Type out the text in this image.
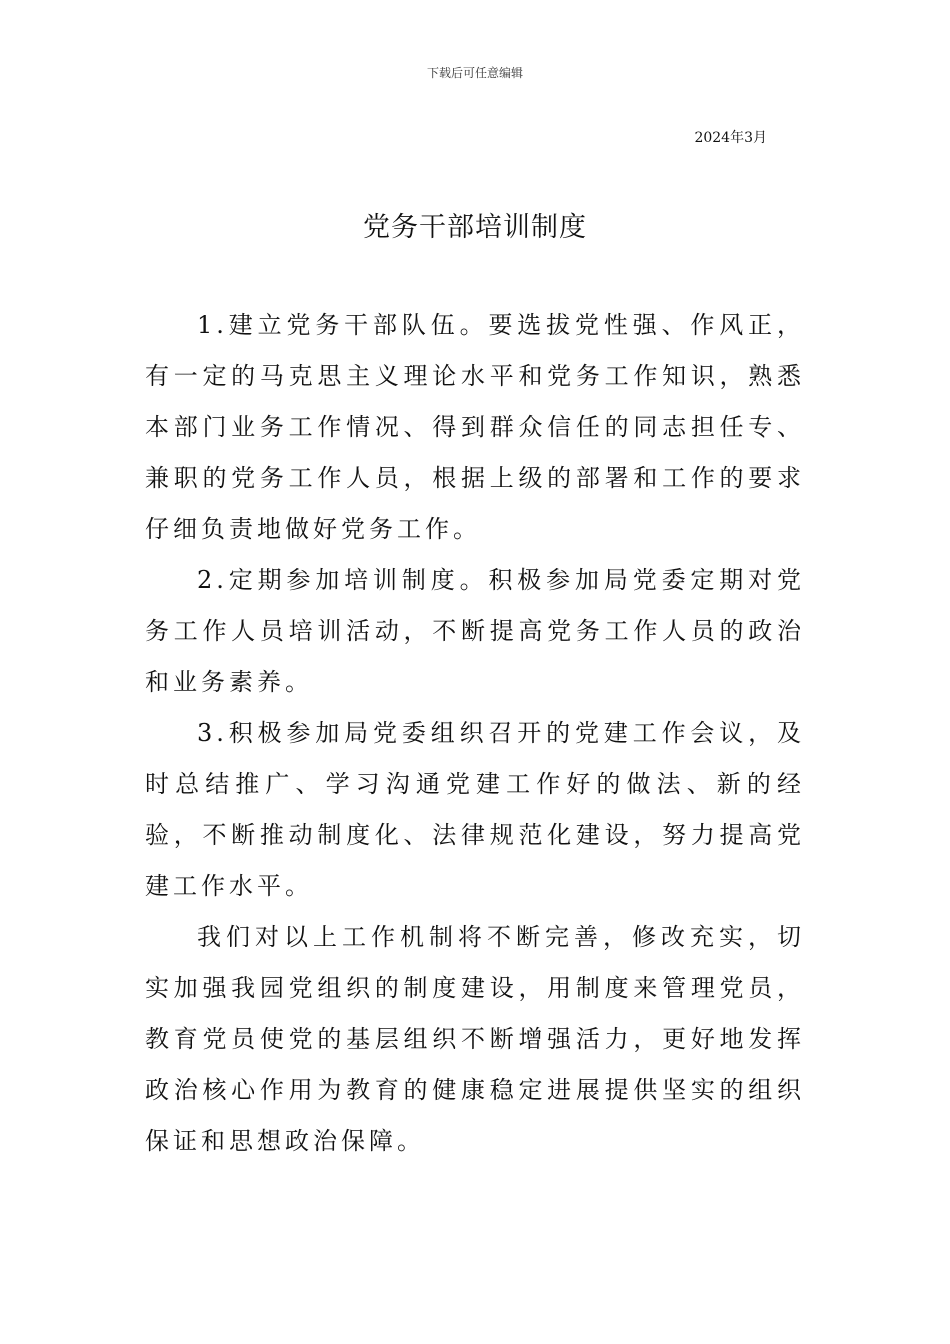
下载后可任意编辑
2024年3月
党务干部培训制度

1.建立党务干部队伍。要选拔党性强、作风正，有一定的马克思主义理论水平和党务工作知识，熟悉本部门业务工作情况、得到群众信任的同志担任专、兼职的党务工作人员，根据上级的部署和工作的要求仔细负责地做好党务工作。

2.定期参加培训制度。积极参加局党委定期对党务工作人员培训活动，不断提高党务工作人员的政治和业务素养。

3.积极参加局党委组织召开的党建工作会议，及时总结推广、学习沟通党建工作好的做法、新的经验，不断推动制度化、法律规范化建设，努力提高党建工作水平。

我们对以上工作机制将不断完善，修改充实，切实加强我园党组织的制度建设，用制度来管理党员，教育党员使党的基层组织不断增强活力，更好地发挥政治核心作用为教育的健康稳定进展提供坚实的组织保证和思想政治保障。
